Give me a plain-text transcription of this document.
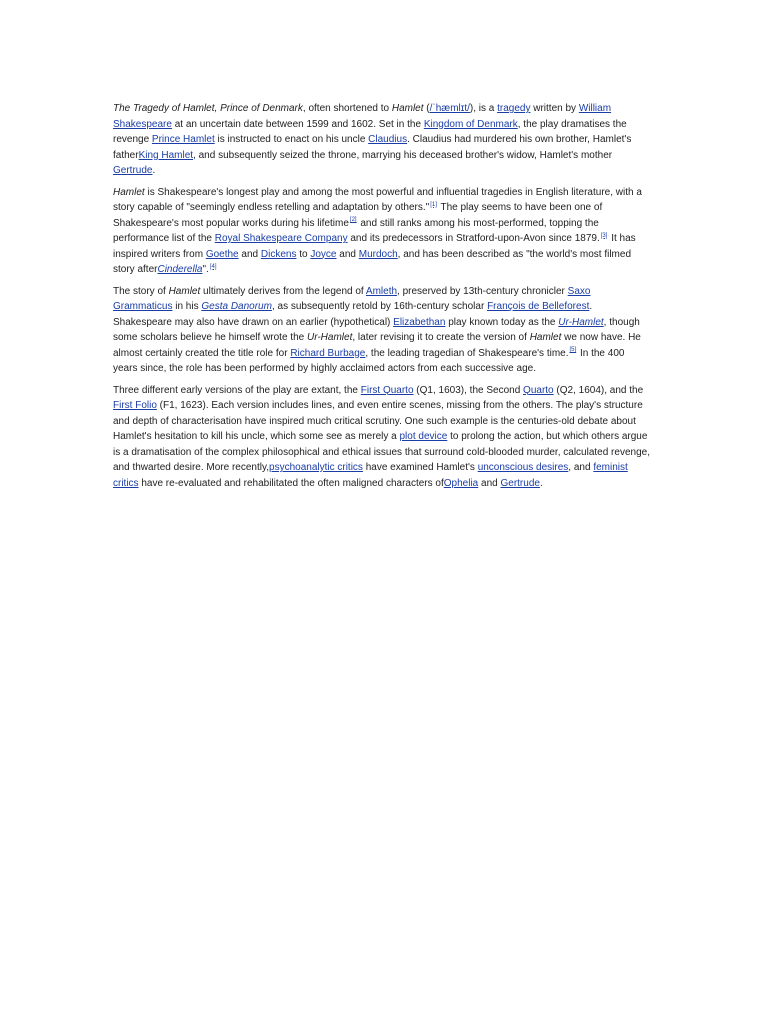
The Tragedy of Hamlet, Prince of Denmark, often shortened to Hamlet (/ˈhæmlɪt/), is a tragedy written by William Shakespeare at an uncertain date between 1599 and 1602. Set in the Kingdom of Denmark, the play dramatises the revenge Prince Hamlet is instructed to enact on his uncle Claudius. Claudius had murdered his own brother, Hamlet's fatherKing Hamlet, and subsequently seized the throne, marrying his deceased brother's widow, Hamlet's mother Gertrude.

Hamlet is Shakespeare's longest play and among the most powerful and influential tragedies in English literature, with a story capable of "seemingly endless retelling and adaptation by others."[1] The play seems to have been one of Shakespeare's most popular works during his lifetime[2] and still ranks among his most-performed, topping the performance list of the Royal Shakespeare Company and its predecessors in Stratford-upon-Avon since 1879.[3] It has inspired writers from Goethe and Dickens to Joyce and Murdoch, and has been described as "the world's most filmed story afterCinderella".[4]

The story of Hamlet ultimately derives from the legend of Amleth, preserved by 13th-century chronicler Saxo Grammaticus in his Gesta Danorum, as subsequently retold by 16th-century scholar François de Belleforest. Shakespeare may also have drawn on an earlier (hypothetical) Elizabethan play known today as the Ur-Hamlet, though some scholars believe he himself wrote the Ur-Hamlet, later revising it to create the version of Hamlet we now have. He almost certainly created the title role for Richard Burbage, the leading tragedian of Shakespeare's time.[5] In the 400 years since, the role has been performed by highly acclaimed actors from each successive age.

Three different early versions of the play are extant, the First Quarto (Q1, 1603), the Second Quarto (Q2, 1604), and the First Folio (F1, 1623). Each version includes lines, and even entire scenes, missing from the others. The play's structure and depth of characterisation have inspired much critical scrutiny. One such example is the centuries-old debate about Hamlet's hesitation to kill his uncle, which some see as merely a plot device to prolong the action, but which others argue is a dramatisation of the complex philosophical and ethical issues that surround cold-blooded murder, calculated revenge, and thwarted desire. More recently,psychoanalytic critics have examined Hamlet's unconscious desires, and feminist critics have re-evaluated and rehabilitated the often maligned characters ofOphelia and Gertrude.
